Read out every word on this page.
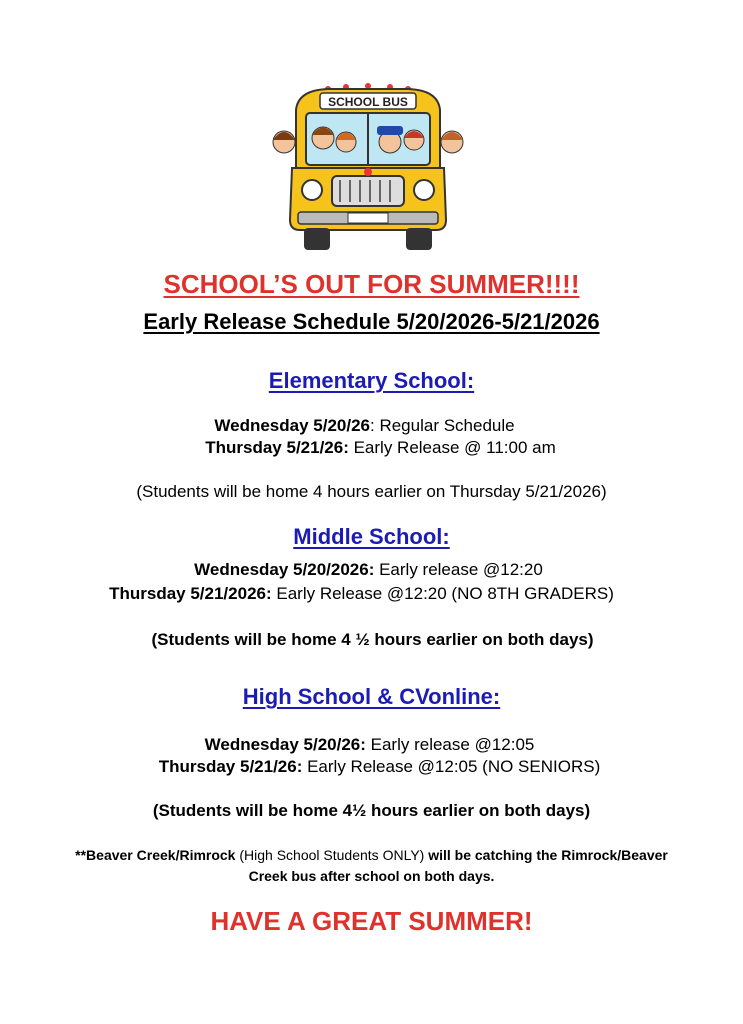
SCHOOL BUS
SCHOOL’S OUT FOR SUMMER!!!!
Early Release Schedule 5/20/2026-5/21/2026
Elementary School:
Wednesday 5/20/26: Regular Schedule
Thursday 5/21/26: Early Release @ 11:00 am
(Students will be home 4 hours earlier on Thursday 5/21/2026)
Middle School:
Wednesday 5/20/2026: Early release @12:20
Thursday 5/21/2026: Early Release @12:20 (NO 8TH GRADERS)
(Students will be home 4 ½ hours earlier on both days)
High School & CVonline:
Wednesday 5/20/26: Early release @12:05
Thursday 5/21/26: Early Release @12:05 (NO SENIORS)
(Students will be home 4½ hours earlier on both days)
**Beaver Creek/Rimrock (High School Students ONLY) will be catching the Rimrock/Beaver
Creek bus after school on both days.
HAVE A GREAT SUMMER!
